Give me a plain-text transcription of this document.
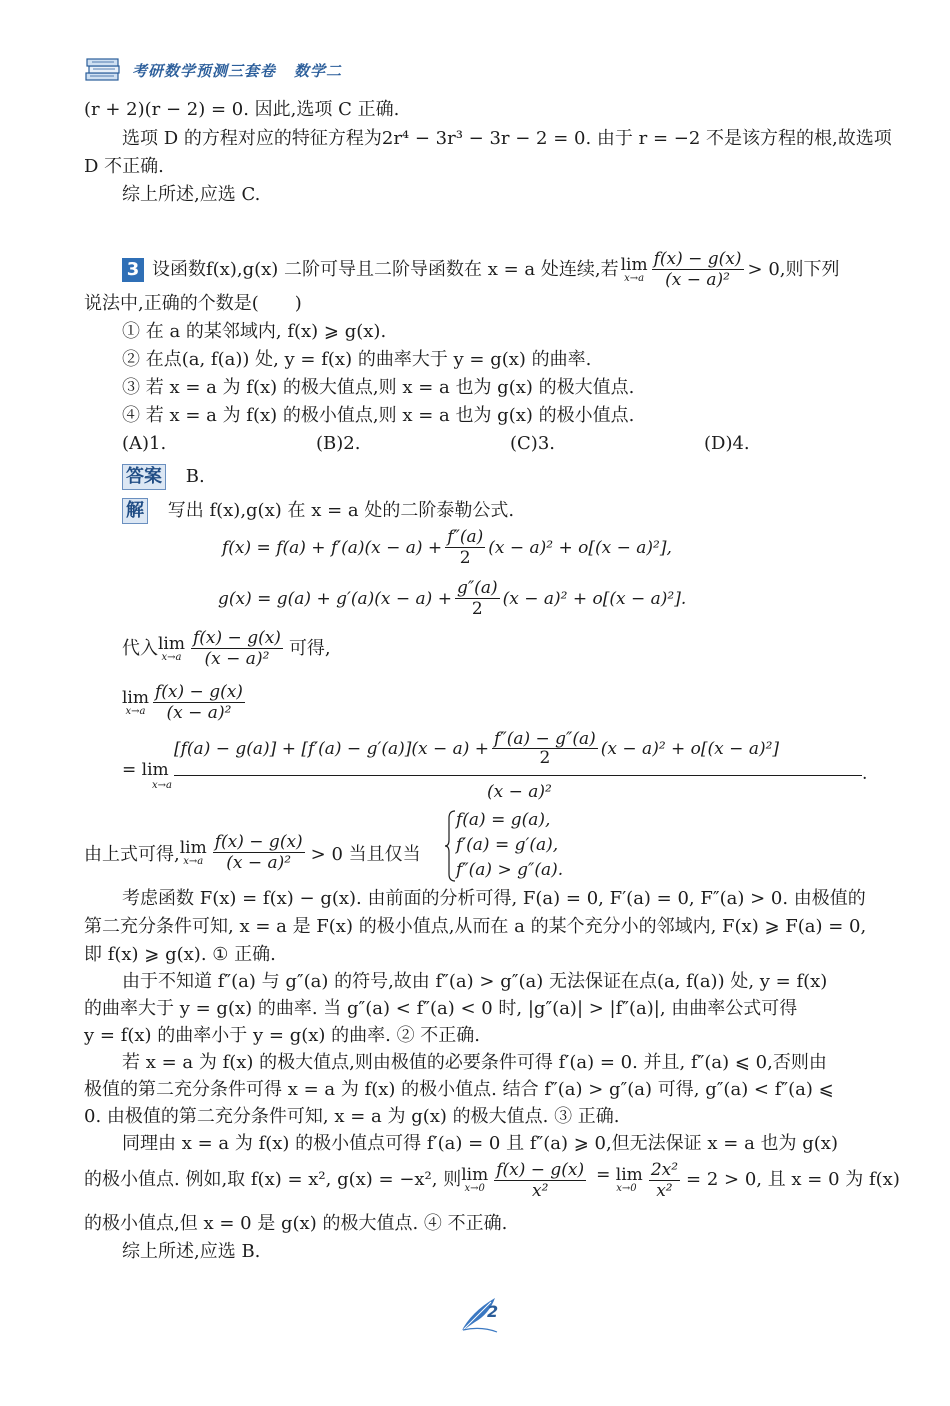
考研数学预测三套卷 数学二
(r + 2)(r − 2) = 0. 因此,选项 C 正确.
选项 D 的方程对应的特征方程为2r⁴ − 3r³ − 3r − 2 = 0. 由于 r = −2 不是该方程的根,故选项
D 不正确.
综上所述,应选 C.
3 设函数f(x),g(x) 二阶可导且二阶导函数在 x = a 处连续,若 lim
x→a
f(x) − g(x)
(x − a)²
> 0,则下列
说法中,正确的个数是(　　)
① 在 a 的某邻域内, f(x) ⩾ g(x).
② 在点(a, f(a)) 处, y = f(x) 的曲率大于 y = g(x) 的曲率.
③ 若 x = a 为 f(x) 的极大值点,则 x = a 也为 g(x) 的极大值点.
④ 若 x = a 为 f(x) 的极小值点,则 x = a 也为 g(x) 的极小值点.
(A)1.	(B)2.	(C)3.	(D)4.
答案 B.
解 写出 f(x),g(x) 在 x = a 处的二阶泰勒公式.
$f(x) = f(a) + f'(a)(x - a) + \frac{f''(a)}{2} (x - a)^2 + o[(x - a)^2]$,
$g(x) = g(a) + g'(a)(x - a) + \frac{g''(a)}{2} (x - a)^2 + o[(x - a)^2]$.
代入 lim
x→a
f(x) − g(x)
(x − a)²
可得,
lim
x→a
f(x) − g(x)
(x − a)²
= lim
x→a
$[f(a) - g(a)] + [f'(a) - g'(a)](x - a) + \frac{f''(a) - g''(a)}{2} (x - a)^2 + o[(x - a)^2]$
.
(x − a)²
由上式可得, lim
x→a
f(x) − g(x)
(x − a)² > 0 当且仅当
f(a) = g(a),
f′(a) = g′(a),
f″(a) > g″(a).
考虑函数 F(x) = f(x) − g(x). 由前面的分析可得, F(a) = 0, F′(a) = 0, F″(a) > 0. 由极值的
第二充分条件可知, x = a 是 F(x) 的极小值点,从而在 a 的某个充分小的邻域内, F(x) ⩾ F(a) = 0,
即 f(x) ⩾ g(x). ① 正确.
由于不知道 f″(a) 与 g″(a) 的符号,故由 f″(a) > g″(a) 无法保证在点(a, f(a)) 处, y = f(x)
的曲率大于 y = g(x) 的曲率. 当 g″(a) < f″(a) < 0 时, |g″(a)| > |f″(a)|, 由曲率公式可得
y = f(x) 的曲率小于 y = g(x) 的曲率. ② 不正确.
若 x = a 为 f(x) 的极大值点,则由极值的必要条件可得 f′(a) = 0. 并且, f″(a) ⩽ 0,否则由
极值的第二充分条件可得 x = a 为 f(x) 的极小值点. 结合 f″(a) > g″(a) 可得, g″(a) < f″(a) ⩽
0. 由极值的第二充分条件可知, x = a 为 g(x) 的极大值点. ③ 正确.
同理由 x = a 为 f(x) 的极小值点可得 f′(a) = 0 且 f″(a) ⩾ 0,但无法保证 x = a 也为 g(x)
的极小值点. 例如,取 f(x) = x², g(x) = −x², 则 lim
$x\to 0 \frac{f(x) - g(x)}{\text{x²}} = \lim$
$x\to 0 \frac{\text{2x²}}{\text{x²}} = 2 > 0$, 且 x = 0 为 f(x)
的极小值点,但 x = 0 是 g(x) 的极大值点. ④ 不正确.
综上所述,应选 B.
2
